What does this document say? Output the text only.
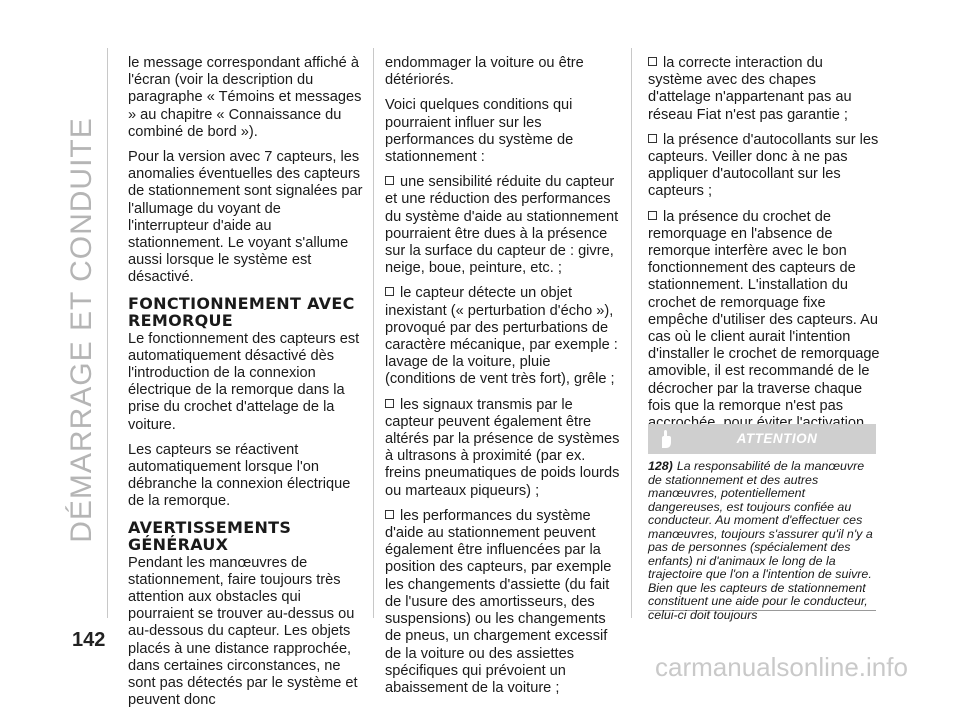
DÉMARRAGE ET CONDUITE

le message correspondant affiché à l'écran (voir la description du paragraphe « Témoins et messages » au chapitre « Connaissance du combiné de bord »).

Pour la version avec 7 capteurs, les anomalies éventuelles des capteurs de stationnement sont signalées par l'allumage du voyant de l'interrupteur d'aide au stationnement. Le voyant s'allume aussi lorsque le système est désactivé.

FONCTIONNEMENT AVEC REMORQUE

Le fonctionnement des capteurs est automatiquement désactivé dès l'introduction de la connexion électrique de la remorque dans la prise du crochet d'attelage de la voiture.

Les capteurs se réactivent automatiquement lorsque l'on débranche la connexion électrique de la remorque.

AVERTISSEMENTS GÉNÉRAUX

Pendant les manœuvres de stationnement, faire toujours très attention aux obstacles qui pourraient se trouver au-dessus ou au-dessous du capteur. Les objets placés à une distance rapprochée, dans certaines circonstances, ne sont pas détectés par le système et peuvent donc

endommager la voiture ou être détériorés.

Voici quelques conditions qui pourraient influer sur les performances du système de stationnement :

une sensibilité réduite du capteur et une réduction des performances du système d'aide au stationnement pourraient être dues à la présence sur la surface du capteur de : givre, neige, boue, peinture, etc. ;

le capteur détecte un objet inexistant (« perturbation d'écho »), provoqué par des perturbations de caractère mécanique, par exemple : lavage de la voiture, pluie (conditions de vent très fort), grêle ;

les signaux transmis par le capteur peuvent également être altérés par la présence de systèmes à ultrasons à proximité (par ex. freins pneumatiques de poids lourds ou marteaux piqueurs) ;

les performances du système d'aide au stationnement peuvent également être influencées par la position des capteurs, par exemple les changements d'assiette (du fait de l'usure des amortisseurs, des suspensions) ou les changements de pneus, un chargement excessif de la voiture ou des assiettes spécifiques qui prévoient un abaissement de la voiture ;

la correcte interaction du système avec des chapes d'attelage n'appartenant pas au réseau Fiat n'est pas garantie ;

la présence d'autocollants sur les capteurs. Veiller donc à ne pas appliquer d'autocollant sur les capteurs ;

la présence du crochet de remorquage en l'absence de remorque interfère avec le bon fonctionnement des capteurs de stationnement. L'installation du crochet de remorquage fixe empêche d'utiliser des capteurs. Au cas où le client aurait l'intention d'installer le crochet de remorquage amovible, il est recommandé de le décrocher par la traverse chaque fois que la remorque n'est pas

ATTENTION
128) La responsabilité de la manœuvre de stationnement et des autres manœuvres, potentiellement dangereuses, est toujours confiée au conducteur. Au moment d'effectuer ces manœuvres, toujours s'assurer qu'il n'y a pas de personnes (spécialement des enfants) ni d'animaux le long de la trajectoire que l'on a l'intention de suivre. Bien que les capteurs de stationnement constituent une aide pour le conducteur, celui-ci doit toujours
142
carmanualsonline.info
